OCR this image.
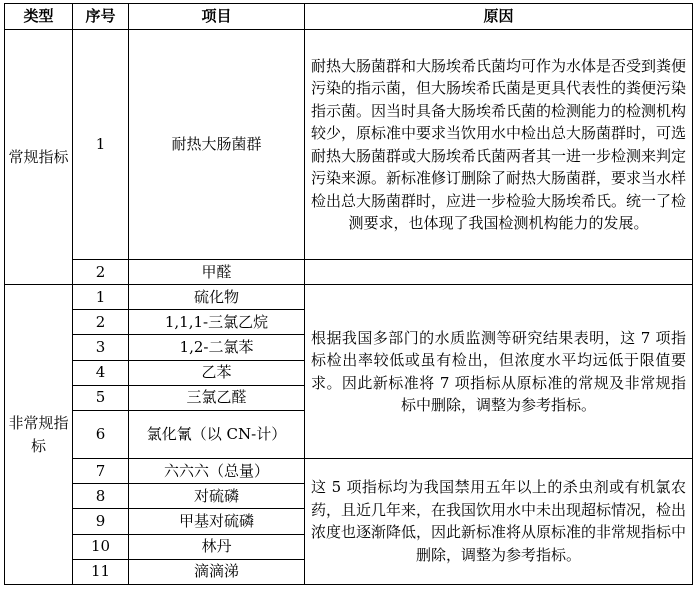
类型	序号	项目	原因
常规指标	1	耐热大肠菌群	耐热大肠菌群和大肠埃希氏菌均可作为水体是否受到粪便污染的指示菌，但大肠埃希氏菌是更具代表性的粪便污染指示菌。因当时具备大肠埃希氏菌的检测能力的检测机构较少，原标准中要求当饮用水中检出总大肠菌群时，可选耐热大肠菌群或大肠埃希氏菌两者其一进一步检测来判定污染来源。新标准修订删除了耐热大肠菌群，要求当水样检出总大肠菌群时，应进一步检验大肠埃希氏。统一了检测要求，也体现了我国检测机构能力的发展。
	2	甲醛	
非常规指标	1	硫化物	根据我国多部门的水质监测等研究结果表明，这 7 项指标检出率较低或虽有检出，但浓度水平均远低于限值要求。因此新标准将 7 项指标从原标准的常规及非常规指标中删除，调整为参考指标。
	2	1,1,1-三氯乙烷	
	3	1,2-二氯苯	
	4	乙苯	
	5	三氯乙醛	
	6	氯化氰（以 CN-计）	
	7	六六六（总量）	这 5 项指标均为我国禁用五年以上的杀虫剂或有机氯农药，且近几年来，在我国饮用水中未出现超标情况，检出浓度也逐渐降低，因此新标准将从原标准的非常规指标中删除，调整为参考指标。
	8	对硫磷	
	9	甲基对硫磷	
	10	林丹	
	11	滴滴涕	
